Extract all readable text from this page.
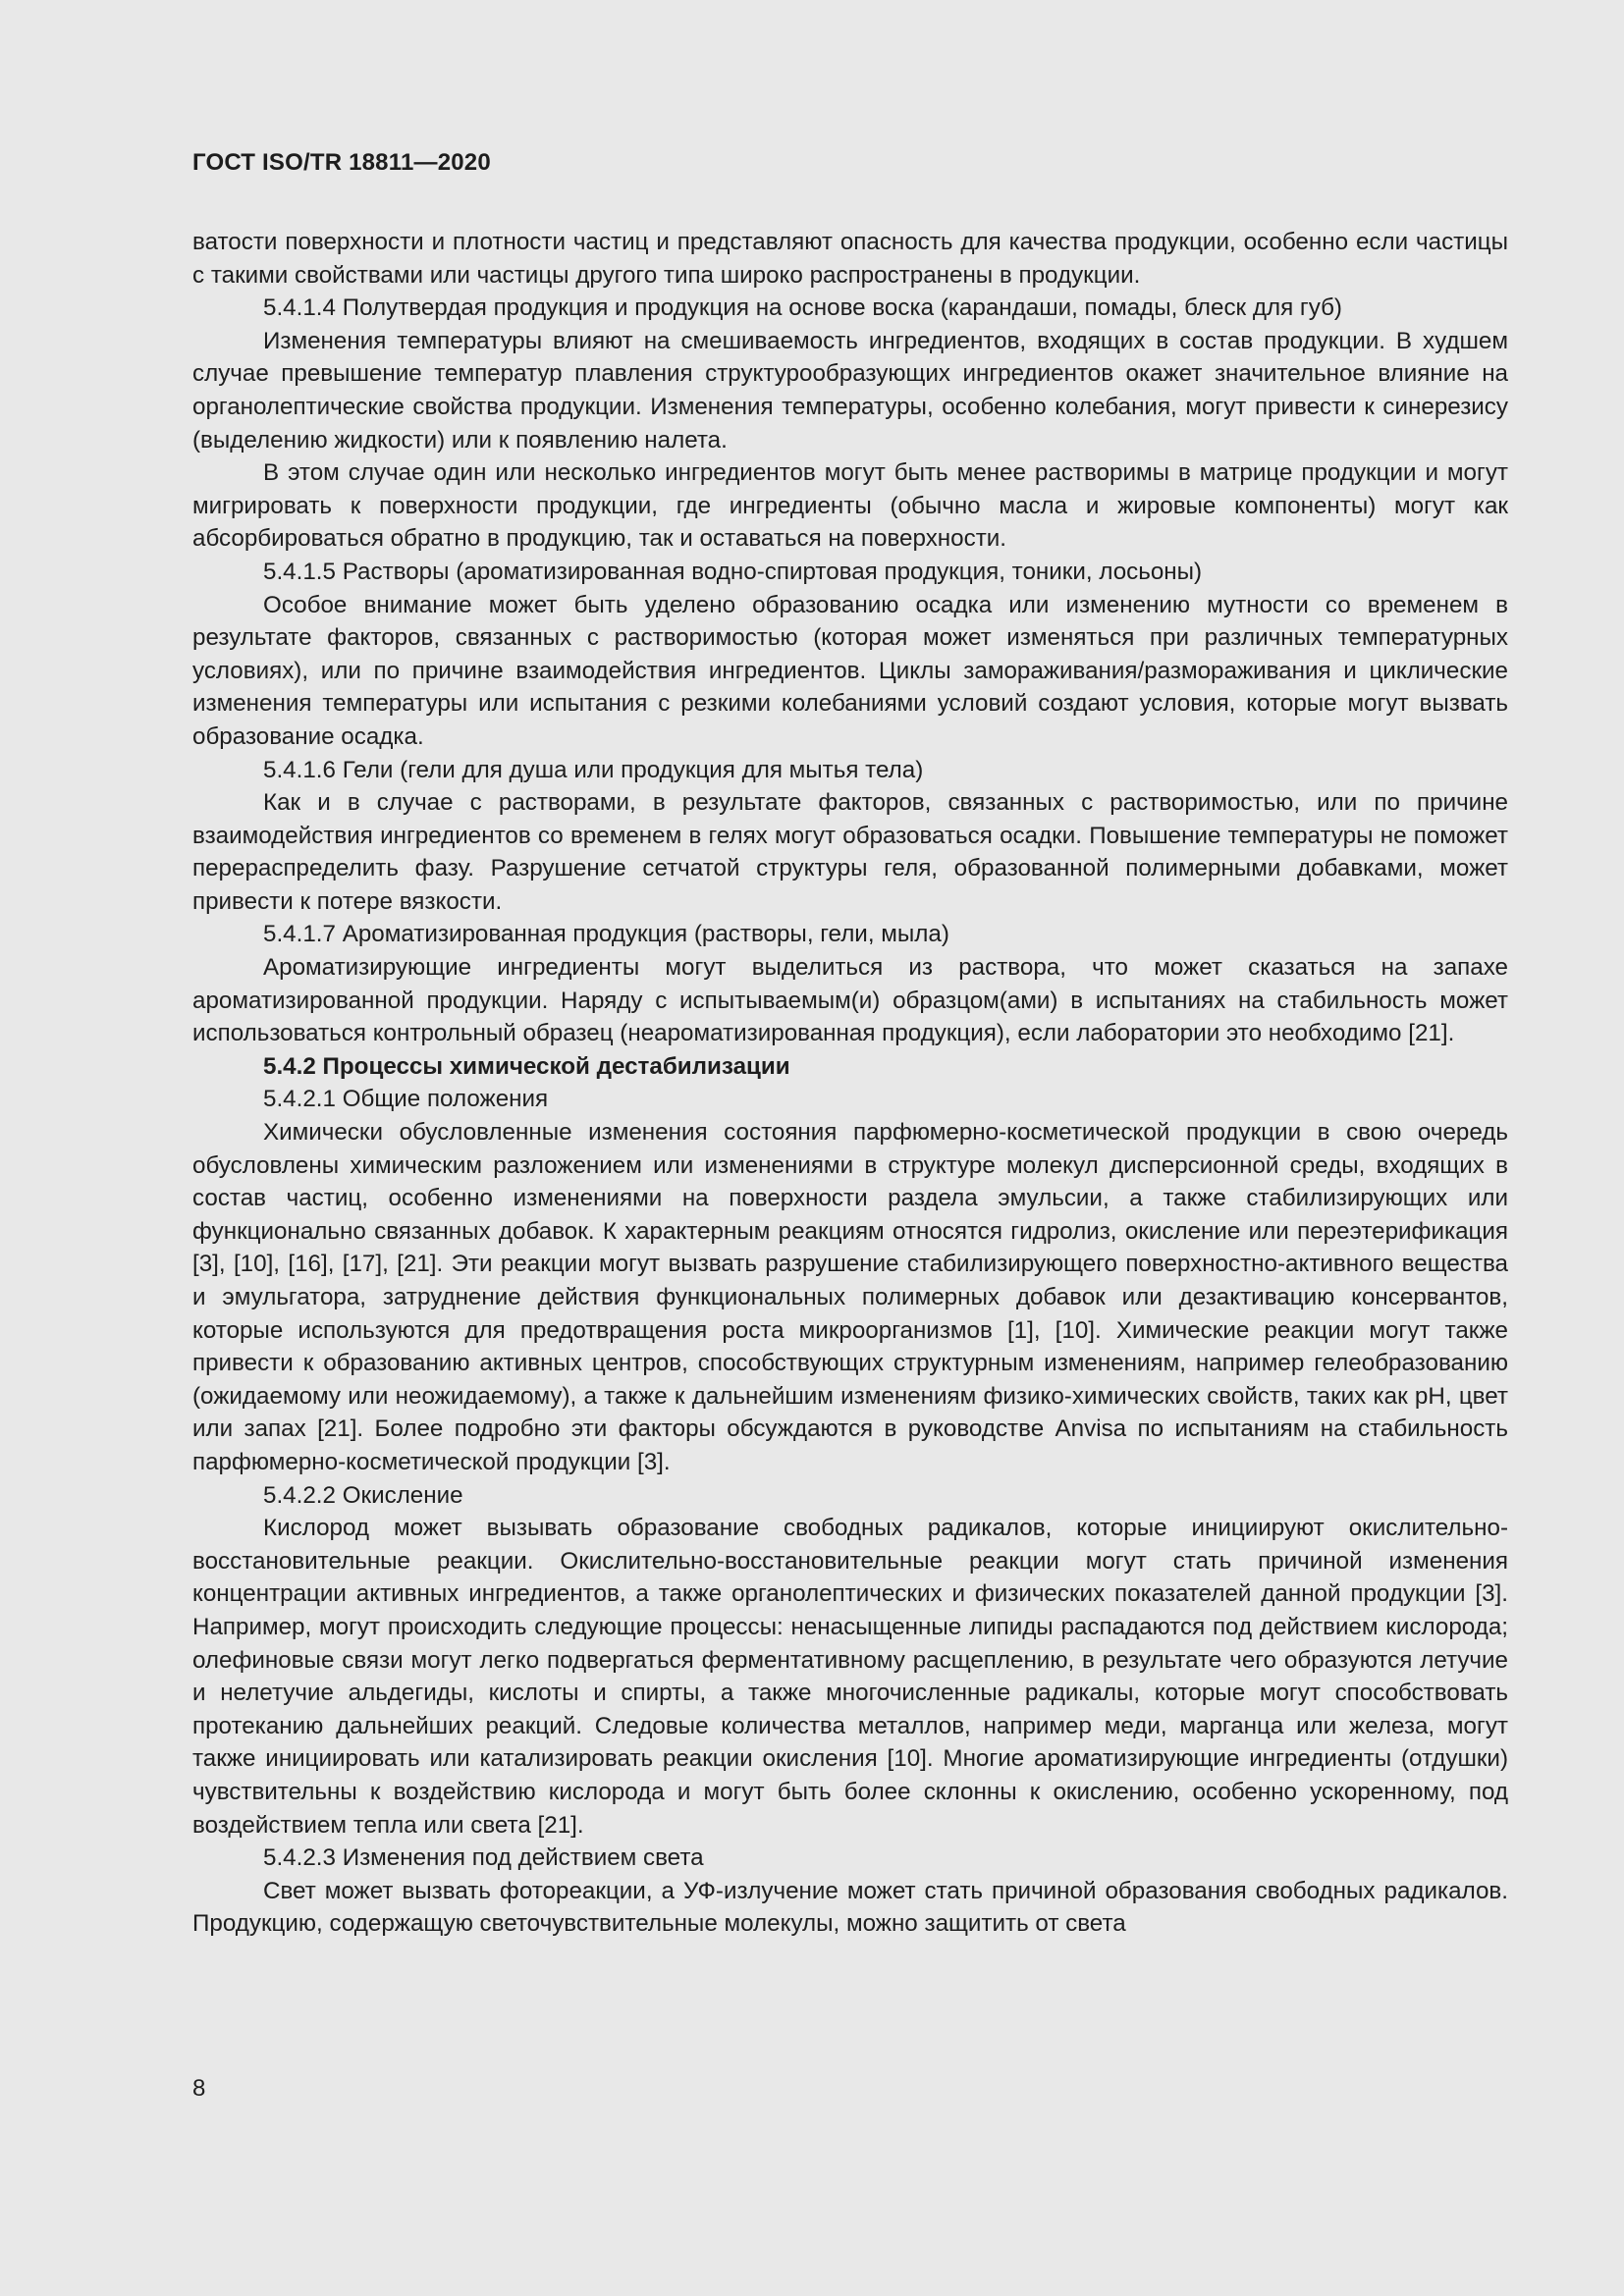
ГОСТ ISO/TR 18811—2020

ватости поверхности и плотности частиц и представляют опасность для качества продукции, особенно если частицы с такими свойствами или частицы другого типа широко распространены в продукции.

5.4.1.4 Полутвердая продукция и продукция на основе воска (карандаши, помады, блеск для губ)

Изменения температуры влияют на смешиваемость ингредиентов, входящих в состав продукции. В худшем случае превышение температур плавления структурообразующих ингредиентов окажет значительное влияние на органолептические свойства продукции. Изменения температуры, особенно колебания, могут привести к синерезису (выделению жидкости) или к появлению налета.

В этом случае один или несколько ингредиентов могут быть менее растворимы в матрице продукции и могут мигрировать к поверхности продукции, где ингредиенты (обычно масла и жировые компоненты) могут как абсорбироваться обратно в продукцию, так и оставаться на поверхности.

5.4.1.5 Растворы (ароматизированная водно-спиртовая продукция, тоники, лосьоны)

Особое внимание может быть уделено образованию осадка или изменению мутности со временем в результате факторов, связанных с растворимостью (которая может изменяться при различных температурных условиях), или по причине взаимодействия ингредиентов. Циклы замораживания/размораживания и циклические изменения температуры или испытания с резкими колебаниями условий создают условия, которые могут вызвать образование осадка.

5.4.1.6 Гели (гели для душа или продукция для мытья тела)

Как и в случае с растворами, в результате факторов, связанных с растворимостью, или по причине взаимодействия ингредиентов со временем в гелях могут образоваться осадки. Повышение температуры не поможет перераспределить фазу. Разрушение сетчатой структуры геля, образованной полимерными добавками, может привести к потере вязкости.

5.4.1.7 Ароматизированная продукция (растворы, гели, мыла)

Ароматизирующие ингредиенты могут выделиться из раствора, что может сказаться на запахе ароматизированной продукции. Наряду с испытываемым(и) образцом(ами) в испытаниях на стабильность может использоваться контрольный образец (неароматизированная продукция), если лаборатории это необходимо [21].

5.4.2 Процессы химической дестабилизации

5.4.2.1 Общие положения

Химически обусловленные изменения состояния парфюмерно-косметической продукции в свою очередь обусловлены химическим разложением или изменениями в структуре молекул дисперсионной среды, входящих в состав частиц, особенно изменениями на поверхности раздела эмульсии, а также стабилизирующих или функционально связанных добавок. К характерным реакциям относятся гидролиз, окисление или переэтерификация [3], [10], [16], [17], [21]. Эти реакции могут вызвать разрушение стабилизирующего поверхностно-активного вещества и эмульгатора, затруднение действия функциональных полимерных добавок или дезактивацию консервантов, которые используются для предотвращения роста микроорганизмов [1], [10]. Химические реакции могут также привести к образованию активных центров, способствующих структурным изменениям, например гелеобразованию (ожидаемому или неожидаемому), а также к дальнейшим изменениям физико-химических свойств, таких как pH, цвет или запах [21]. Более подробно эти факторы обсуждаются в руководстве Anvisa по испытаниям на стабильность парфюмерно-косметической продукции [3].

5.4.2.2 Окисление

Кислород может вызывать образование свободных радикалов, которые инициируют окислительно-восстановительные реакции. Окислительно-восстановительные реакции могут стать причиной изменения концентрации активных ингредиентов, а также органолептических и физических показателей данной продукции [3]. Например, могут происходить следующие процессы: ненасыщенные липиды распадаются под действием кислорода; олефиновые связи могут легко подвергаться ферментативному расщеплению, в результате чего образуются летучие и нелетучие альдегиды, кислоты и спирты, а также многочисленные радикалы, которые могут способствовать протеканию дальнейших реакций. Следовые количества металлов, например меди, марганца или железа, могут также инициировать или катализировать реакции окисления [10]. Многие ароматизирующие ингредиенты (отдушки) чувствительны к воздействию кислорода и могут быть более склонны к окислению, особенно ускоренному, под воздействием тепла или света [21].

5.4.2.3 Изменения под действием света

Свет может вызвать фотореакции, а УФ-излучение может стать причиной образования свободных радикалов. Продукцию, содержащую светочувствительные молекулы, можно защитить от света

8
